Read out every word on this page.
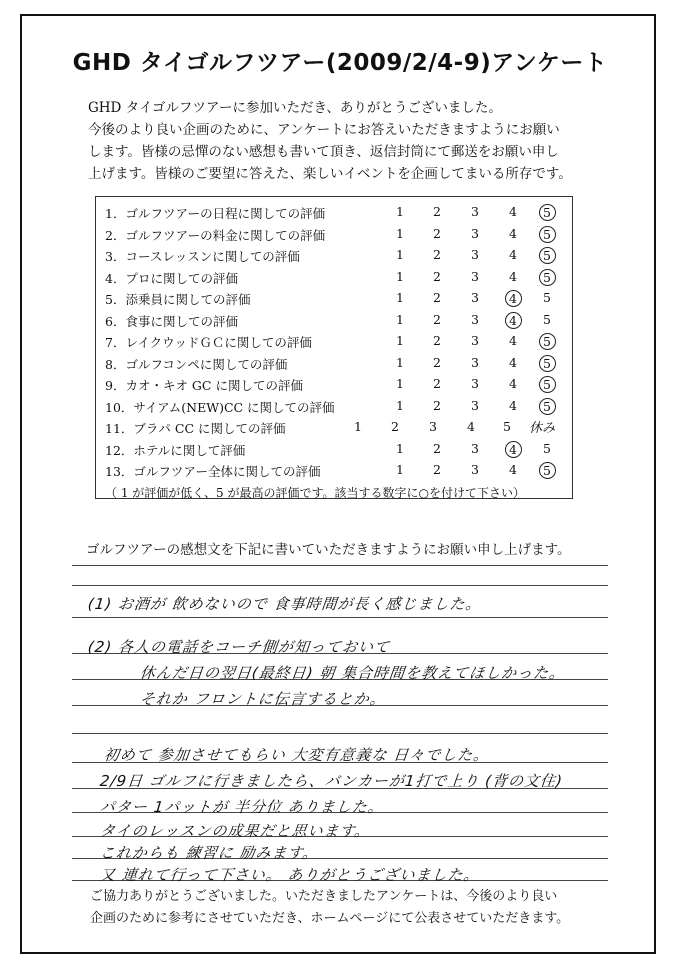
GHD タイゴルフツアー(2009/2/4-9)アンケート

GHD タイゴルフツアーに参加いただき、ありがとうございました。

今後のより良い企画のために、アンケートにお答えいただきますようにお願い

します。皆様の忌憚のない感想も書いて頂き、返信封筒にて郵送をお願い申し

上げます。皆様のご要望に答えた、楽しいイベントを企画してまいる所存です。

1．ゴルフツアーの日程に関しての評価	1	2	3	4	5
2．ゴルフツアーの料金に関しての評価	1	2	3	4	5
3．コースレッスンに関しての評価	1	2	3	4	5
4．プロに関しての評価	1	2	3	4	5
5．添乗員に関しての評価	1	2	3	4	5
6．食事に関しての評価	1	2	3	4	5
7．レイクウッドＧＣに関しての評価	1	2	3	4	5
8．ゴルフコンペに関しての評価	1	2	3	4	5
9．カオ・キオ GC に関しての評価	1	2	3	4	5
10．サイアム(NEW)CC に関しての評価	1	2	3	4	5
11．ブラパ CC に関しての評価	1	2	3	4	5	休み
12．ホテルに関して評価	1	2	3	4	5
13．ゴルフツアー全体に関しての評価	1	2	3	4	5
（ 1 が評価が低く、5 が最高の評価です。該当する数字に○を付けて下さい）
ゴルフツアーの感想文を下記に書いていただきますようにお願い申し上げます。
(1) お酒が 飲めないので 食事時間が長く感じました。
(2) 各人の電話をコーチ側が知っておいて
休んだ日の翌日(最終日) 朝 集合時間を教えてほしかった。
それか フロントに伝言するとか。
初めて 参加させてもらい 大変有意義な 日々でした。
2/9日 ゴルフに行きましたら、バンカーが1打で上り (背の文住)
パター 1パットが 半分位 ありました。
タイのレッスンの成果だと思います。
これからも 練習に 励みます。
又 連れて行って下さい。 ありがとうございました。

ご協力ありがとうございました。いただきましたアンケートは、今後のより良い

企画のために参考にさせていただき、ホームページにて公表させていただきます。
